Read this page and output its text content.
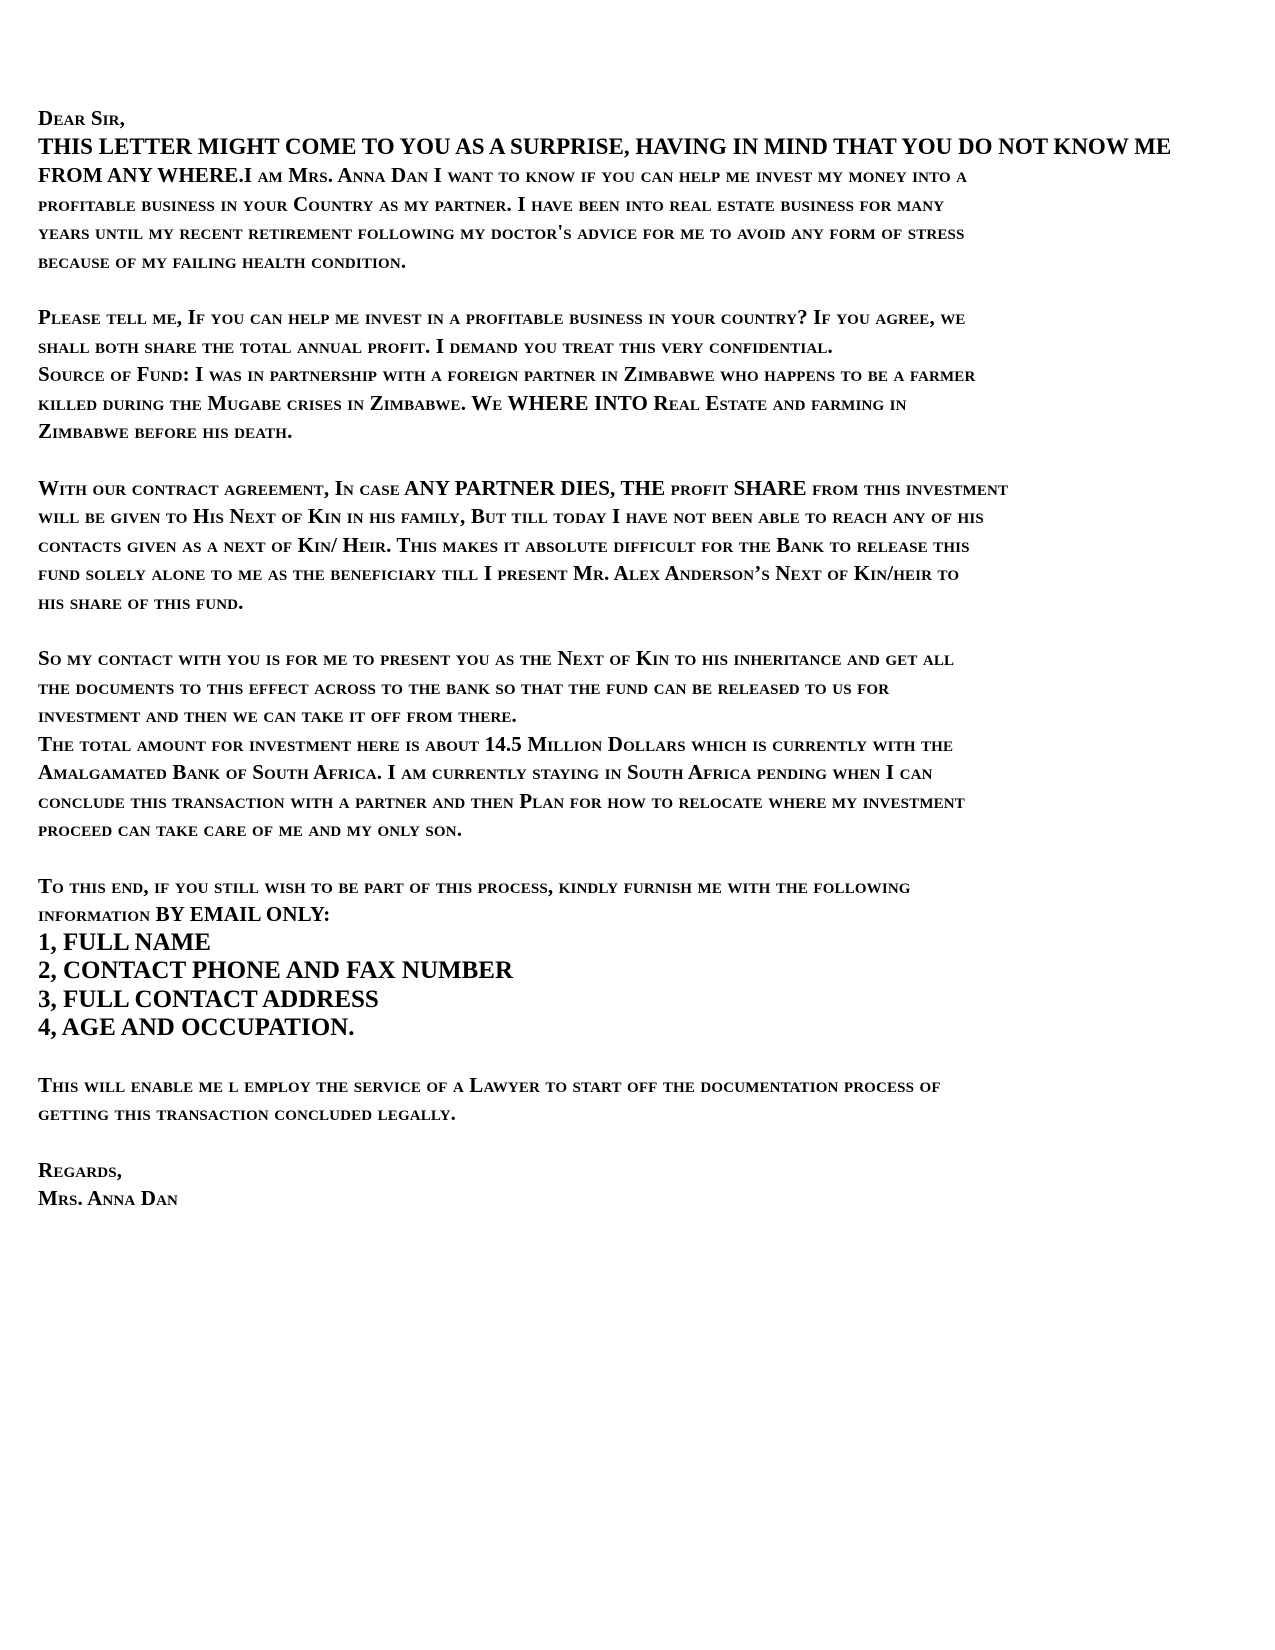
Dear Sir,
THIS LETTER MIGHT COME TO YOU AS A SURPRISE, HAVING IN MIND THAT YOU DO NOT KNOW ME
FROM ANY WHERE.I am Mrs. Anna Dan I want to know if you can help me invest my money into a
profitable business in your Country as my partner. I have been into real estate business for many
years until my recent retirement following my doctor's advice for me to avoid any form of stress
because of my failing health condition.
Please tell me, If you can help me invest in a profitable business in your country? If you agree, we
shall both share the total annual profit. I demand you treat this very confidential.
Source of Fund: I was in partnership with a foreign partner in Zimbabwe who happens to be a farmer
killed during the Mugabe crises in Zimbabwe. We WHERE INTO Real Estate and farming in
Zimbabwe before his death.
With our contract agreement, In case ANY PARTNER DIES, THE profit SHARE from this investment
will be given to His Next of Kin in his family, But till today I have not been able to reach any of his
contacts given as a next of Kin/ Heir. This makes it absolute difficult for the Bank to release this
fund solely alone to me as the beneficiary till I present Mr. Alex Anderson’s Next of Kin/heir to
his share of this fund.
So my contact with you is for me to present you as the Next of Kin to his inheritance and get all
the documents to this effect across to the bank so that the fund can be released to us for
investment and then we can take it off from there.
The total amount for investment here is about 14.5 Million Dollars which is currently with the
Amalgamated Bank of South Africa. I am currently staying in South Africa pending when I can
conclude this transaction with a partner and then Plan for how to relocate where my investment
proceed can take care of me and my only son.
To this end, if you still wish to be part of this process, kindly furnish me with the following
information BY EMAIL ONLY:
1, FULL NAME
2, CONTACT PHONE AND FAX NUMBER
3, FULL CONTACT ADDRESS
4, AGE AND OCCUPATION.
This will enable me l employ the service of a Lawyer to start off the documentation process of
getting this transaction concluded legally.
Regards,
Mrs. Anna Dan
